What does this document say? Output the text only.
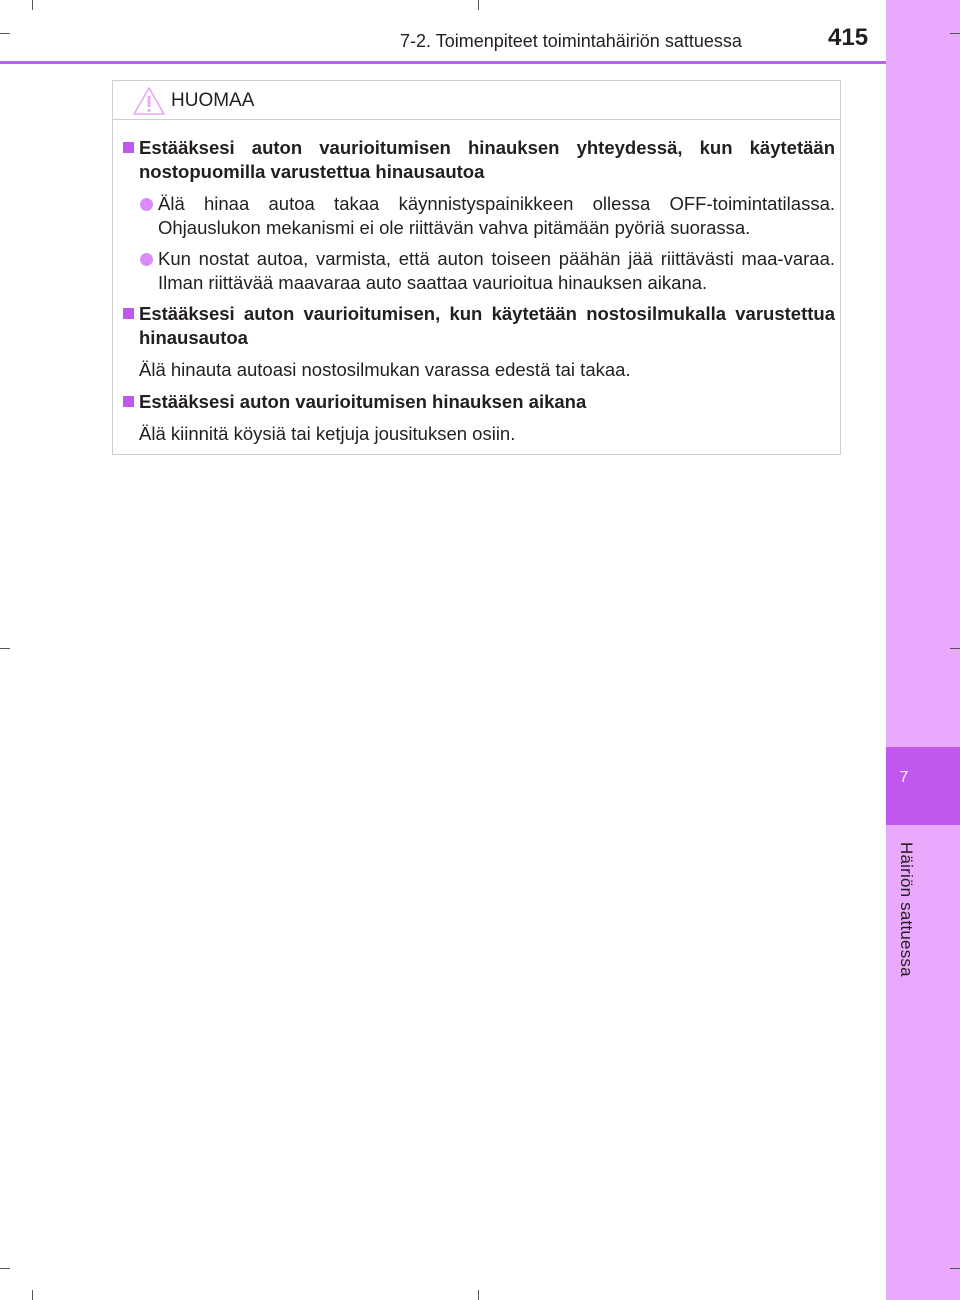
7
Häiriön sattuessa
7-2. Toimenpiteet toimintahäiriön sattuessa	415
HUOMAA
Estääksesi auton vaurioitumisen hinauksen yhteydessä, kun käytetään nostopuomilla varustettua hinausautoa
Älä hinaa autoa takaa käynnistyspainikkeen ollessa OFF-toimintatilassa. Ohjauslukon mekanismi ei ole riittävän vahva pitämään pyöriä suorassa.
Kun nostat autoa, varmista, että auton toiseen päähän jää riittävästi maa-varaa. Ilman riittävää maavaraa auto saattaa vaurioitua hinauksen aikana.
Estääksesi auton vaurioitumisen, kun käytetään nostosilmukalla varustettua hinausautoa
Älä hinauta autoasi nostosilmukan varassa edestä tai takaa.
Estääksesi auton vaurioitumisen hinauksen aikana
Älä kiinnitä köysiä tai ketjuja jousituksen osiin.
